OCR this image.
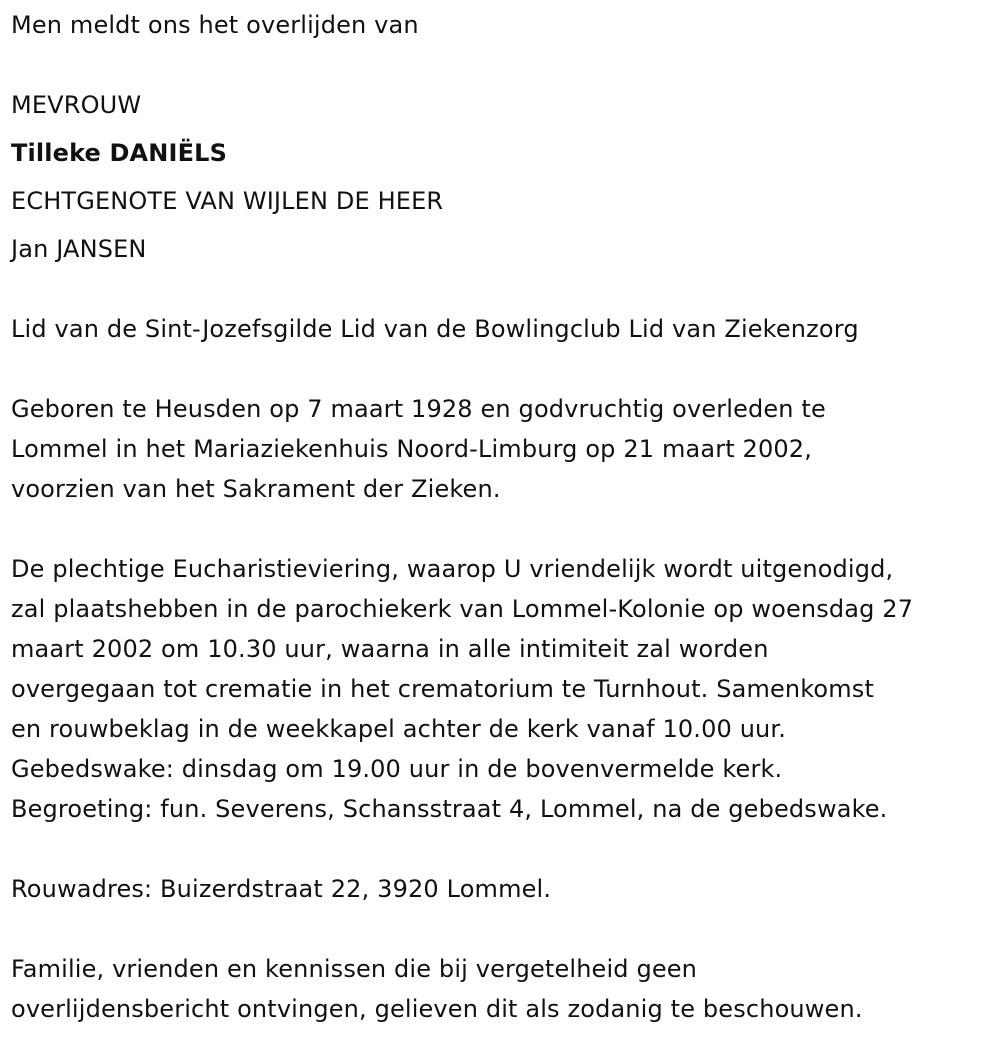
Men meldt ons het overlijden van
MEVROUW
Tilleke DANIËLS
ECHTGENOTE VAN WIJLEN DE HEER
Jan JANSEN
Lid van de Sint-Jozefsgilde Lid van de Bowlingclub Lid van Ziekenzorg
Geboren te Heusden op 7 maart 1928 en godvruchtig overleden te
Lommel in het Mariaziekenhuis Noord-Limburg op 21 maart 2002,
voorzien van het Sakrament der Zieken.
De plechtige Eucharistieviering, waarop U vriendelijk wordt uitgenodigd,
zal plaatshebben in de parochiekerk van Lommel-Kolonie op woensdag 27
maart 2002 om 10.30 uur, waarna in alle intimiteit zal worden
overgegaan tot crematie in het crematorium te Turnhout. Samenkomst
en rouwbeklag in de weekkapel achter de kerk vanaf 10.00 uur.
Gebedswake: dinsdag om 19.00 uur in de bovenvermelde kerk.
Begroeting: fun. Severens, Schansstraat 4, Lommel, na de gebedswake.
Rouwadres: Buizerdstraat 22, 3920 Lommel.
Familie, vrienden en kennissen die bij vergetelheid geen
overlijdensbericht ontvingen, gelieven dit als zodanig te beschouwen.
